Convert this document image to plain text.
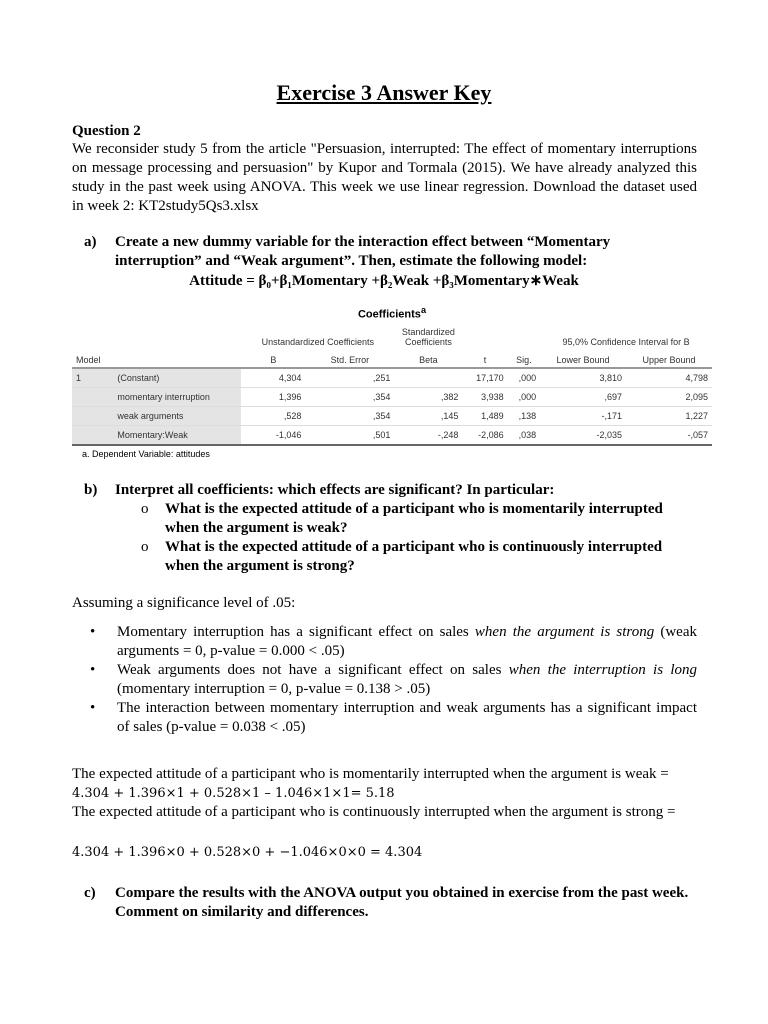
Exercise 3 Answer Key
Question 2
We reconsider study 5 from the article "Persuasion, interrupted: The effect of momentary interruptions on message processing and persuasion" by Kupor and Tormala (2015). We have already analyzed this study in the past week using ANOVA. This week we use linear regression. Download the dataset used in week 2: KT2study5Qs3.xlsx
a) Create a new dummy variable for the interaction effect between “Momentary interruption” and “Weak argument”. Then, estimate the following model:
Attitude = β₀+β₁Momentary +β₂Weak +β₃Momentary∗Weak
Coefficients$^a$
		Unstandardized Coefficients		Standardized Coefficients			95,0% Confidence Interval for B	
Model		B	Std. Error	Beta	t	Sig.	Lower Bound	Upper Bound
1	(Constant)	4,304	,251		17,170	,000	3,810	4,798
	momentary interruption	1,396	,354	,382	3,938	,000	,697	2,095
	weak arguments	,528	,354	,145	1,489	,138	-,171	1,227
	Momentary:Weak	-1,046	,501	-,248	-2,086	,038	-2,035	-,057
a. Dependent Variable: attitudes
b) Interpret all coefficients: which effects are significant? In particular:
o What is the expected attitude of a participant who is momentarily interrupted when the argument is weak?
o What is the expected attitude of a participant who is continuously interrupted when the argument is strong?
Assuming a significance level of .05:
• Momentary interruption has a significant effect on sales when the argument is strong (weak arguments = 0, p-value = 0.000 < .05)
• Weak arguments does not have a significant effect on sales when the interruption is long (momentary interruption = 0, p-value = 0.138 > .05)
• The interaction between momentary interruption and weak arguments has a significant impact of sales (p-value = 0.038 < .05)
The expected attitude of a participant who is momentarily interrupted when the argument is weak =
4.304 + 1.396×1 + 0.528×1 – 1.046×1×1= 5.18
The expected attitude of a participant who is continuously interrupted when the argument is strong =
4.304 + 1.396×0 + 0.528×0 + −1.046×0×0 = 4.304
c) Compare the results with the ANOVA output you obtained in exercise from the past week. Comment on similarity and differences.
